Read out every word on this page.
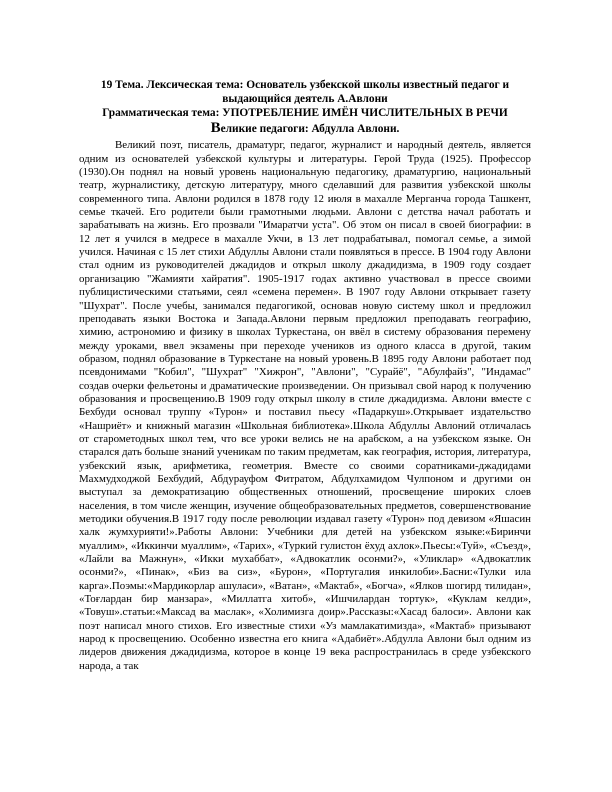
19 Тема. Лексическая тема: Основатель узбекской школы известный педагог и выдающийся деятель А.Авлони

Грамматическая тема: УПОТРЕБЛЕНИЕ ИМЁН ЧИСЛИТЕЛЬНЫХ В РЕЧИ

Великие педагоги: Абдулла Авлони.

Великий поэт, писатель, драматург, педагог, журналист и народный деятель, является одним из основателей узбекской культуры и литературы. Герой Труда (1925). Профессор (1930).Он поднял на новый уровень национальную педагогику, драматургию, национальный театр, журналистику, детскую литературу, много сделавший для развития узбекской школы современного типа. Авлони родился в 1878 году 12 июля в махалле Мерганча города Ташкент, семье ткачей. Его родители были грамотными людьми. Авлони с детства начал работать и зарабатывать на жизнь. Его прозвали "Имаратчи уста". Об этом он писал в своей биографии: в 12 лет я учился в медресе в махалле Укчи, в 13 лет подрабатывал, помогал семье, а зимой учился. Начиная с 15 лет стихи Абдуллы Авлони стали появляться в прессе. В 1904 году Авлони стал одним из руководителей джадидов и открыл школу джадидизма, в 1909 году создает организацию "Жамияти хайратия". 1905-1917 годах активно участвовал в прессе своими публицистическими статьями, сеял «семена перемен». В 1907 году Авлони открывает газету "Шухрат". После учебы, занимался педагогикой, основав новую систему школ и предложил преподавать языки Востока и Запада.Авлони первым предложил преподавать географию, химию, астрономию и физику в школах Туркестана, он ввёл в систему образования перемену между уроками, ввел экзамены при переходе учеников из одного класса в другой, таким образом, поднял образование в Туркестане на новый уровень.В 1895 году Авлони работает под псевдонимами "Кобил", "Шухрат" "Хижрон", "Авлони", "Сурайё", "Абулфайз", "Индамас" создав очерки фельетоны и драматические произведении. Он призывал свой народ к получению образования и просвещению.В 1909 году открыл школу в стиле джадидизма. Авлони вместе с Бехбуди основал труппу «Турон» и поставил пьесу «Падаркуш».Открывает издательство «Нашриёт» и книжный магазин «Школьная библиотека».Школа Абдуллы Авлоний отличалась от старометодных школ тем, что все уроки велись не на арабском, а на узбекском языке. Он старался дать больше знаний ученикам по таким предметам, как география, история, литература, узбекский язык, арифметика, геометрия. Вместе со своими соратниками-джадидами Махмудходжой Бехбудий, Абдурауфом Фитратом, Абдулхамидом Чулпоном и другими он выступал за демократизацию общественных отношений, просвещение широких слоев населения, в том числе женщин, изучение общеобразовательных предметов, совершенствование методики обучения.В 1917 году после революции издавал газету «Турон» под девизом «Яшасин халк жумхурияти!».Работы Авлони: Учебники для детей на узбекском языке:«Биринчи муаллим», «Иккинчи муаллим», «Тарих», «Туркий гулистон ёхуд ахлок».Пьесы:«Туй», «Съезд», «Лайли ва Мажнун», «Икки мухаббат», «Адвокатлик осонми?», «Уликлар» «Адвокатлик осонми?», «Пинак», «Биз ва сиз», «Бурон», «Португалия инкилоби».Басни:«Тулки ила карга».Поэмы:«Мардикорлар ашуласи», «Ватан», «Мактаб», «Богча», «Ялков шогирд тилидан», «Тоғлардан бир манзара», «Миллатга хитоб», «Ишчилардан тортук», «Куклам келди», «Товуш».статьи:«Максад ва маслак», «Холимизга доир».Рассказы:«Хасад балоси». Авлони как поэт написал много стихов. Его известные стихи «Уз мамлакатимизда», «Мактаб» призывают народ к просвещению. Особенно известна его книга «Адабиёт».Абдулла Авлони был одним из лидеров движения джадидизма, которое в конце 19 века распространилась в среде узбекского народа, а так
